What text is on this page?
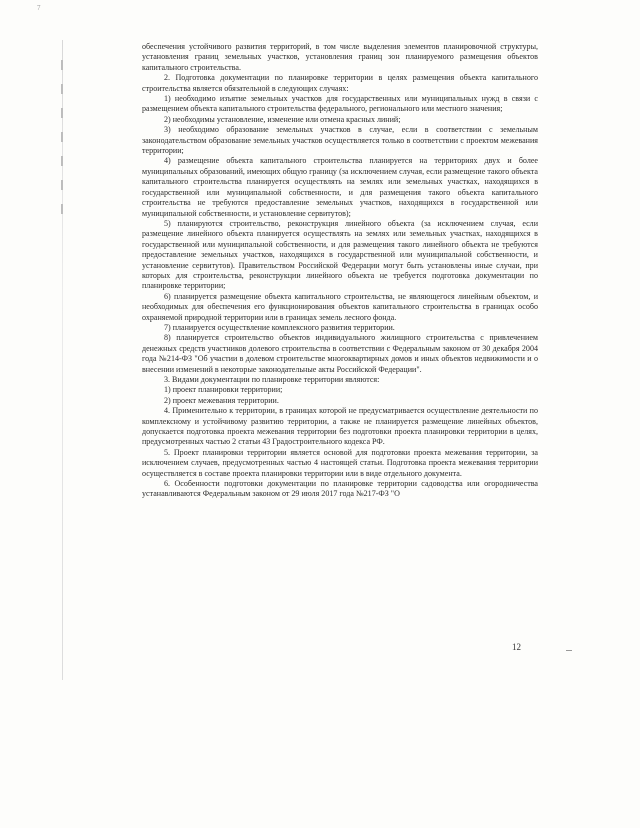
7

обеспечения устойчивого развития территорий, в том числе выделения элементов планировочной структуры, установления границ земельных участков, установления границ зон планируемого размещения объектов капитального строительства.

2. Подготовка документации по планировке территории в целях размещения объекта капитального строительства является обязательной в следующих случаях:

1) необходимо изъятие земельных участков для государственных или муниципальных нужд в связи с размещением объекта капитального строительства федерального, регионального или местного значения;

2) необходимы установление, изменение или отмена красных линий;

3) необходимо образование земельных участков в случае, если в соответствии с земельным законодательством образование земельных участков осуществляется только в соответствии с проектом межевания территории;

4) размещение объекта капитального строительства планируется на территориях двух и более муниципальных образований, имеющих общую границу (за исключением случая, если размещение такого объекта капитального строительства планируется осуществлять на землях или земельных участках, находящихся в государственной или муниципальной собственности, и для размещения такого объекта капитального строительства не требуются предоставление земельных участков, находящихся в государственной или муниципальной собственности, и установление сервитутов);

5) планируются строительство, реконструкция линейного объекта (за исключением случая, если размещение линейного объекта планируется осуществлять на землях или земельных участках, находящихся в государственной или муниципальной собственности, и для размещения такого линейного объекта не требуются предоставление земельных участков, находящихся в государственной или муниципальной собственности, и установление сервитутов). Правительством Российской Федерации могут быть установлены иные случаи, при которых для строительства, реконструкции линейного объекта не требуется подготовка документации по планировке территории;

6) планируется размещение объекта капитального строительства, не являющегося линейным объектом, и необходимых для обеспечения его функционирования объектов капитального строительства в границах особо охраняемой природной территории или в границах земель лесного фонда.

7) планируется осуществление комплексного развития территории.

8) планируется строительство объектов индивидуального жилищного строительства с привлечением денежных средств участников долевого строительства в соответствии с Федеральным законом от 30 декабря 2004 года №214-ФЗ "Об участии в долевом строительстве многоквартирных домов и иных объектов недвижимости и о внесении изменений в некоторые законодательные акты Российской Федерации".

3. Видами документации по планировке территории являются:

1) проект планировки территории;

2) проект межевания территории.

4. Применительно к территории, в границах которой не предусматривается осуществление деятельности по комплексному и устойчивому развитию территории, а также не планируется размещение линейных объектов, допускается подготовка проекта межевания территории без подготовки проекта планировки территории в целях, предусмотренных частью 2 статьи 43 Градостроительного кодекса РФ.

5. Проект планировки территории является основой для подготовки проекта межевания территории, за исключением случаев, предусмотренных частью 4 настоящей статьи. Подготовка проекта межевания территории осуществляется в составе проекта планировки территории или в виде отдельного документа.

6. Особенности подготовки документации по планировке территории садоводства или огородничества устанавливаются Федеральным законом от 29 июля 2017 года №217-ФЗ "О

12
